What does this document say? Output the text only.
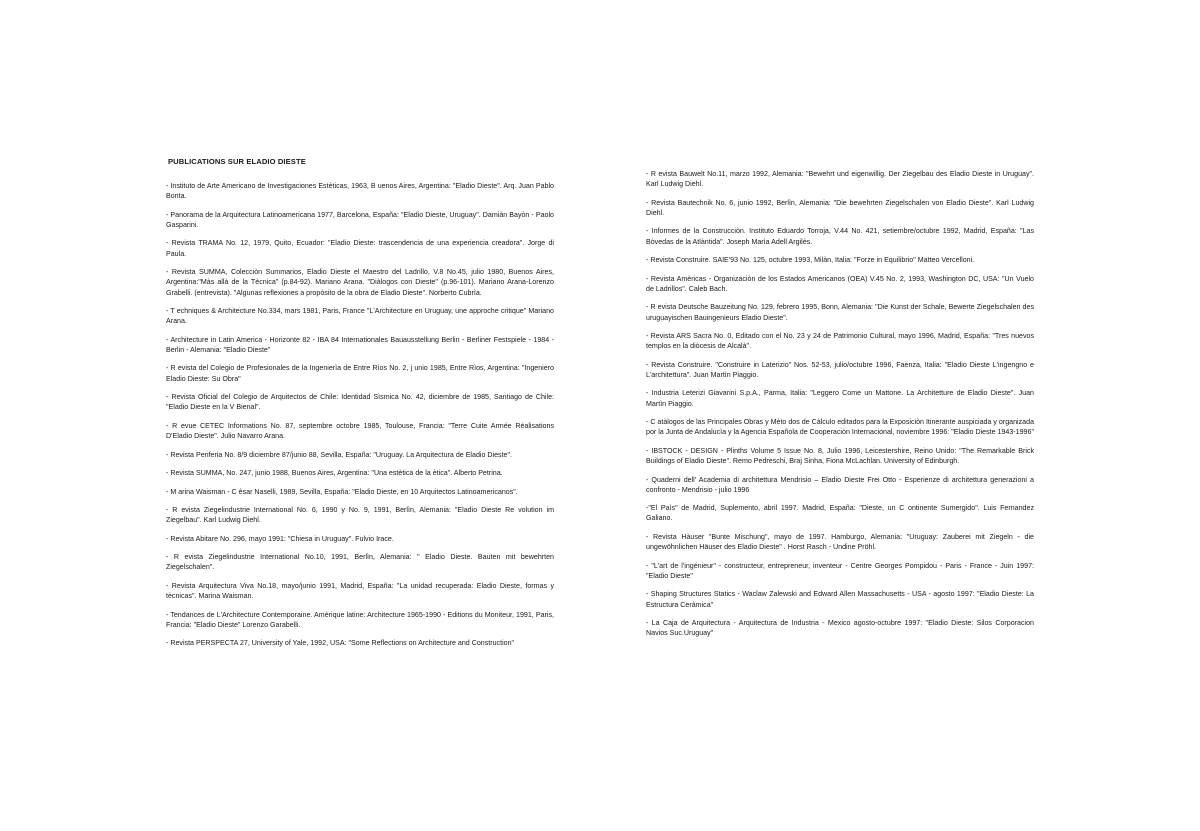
PUBLICATIONS SUR ELADIO DIESTE

- Instituto de Arte Americano de Investigaciones Estèticas, 1963, B uenos Aires, Argentina: "Eladio Dieste". Arq. Juan Pablo Bonta.

- Panorama de la Arquitectura Latinoamericana 1977, Barcelona, España: "Eladio Dieste, Uruguay". Damiàn Bayòn - Paolo Gasparini.

- Revista TRAMA No. 12, 1979, Quito, Ecuador: "Eladio Dieste: trascendencia de una experiencia creadora". Jorge di Paula.

- Revista SUMMA, Colecciòn Summarios, Eladio Dieste el Maestro del Ladrillo, V.8 No.45, julio 1980, Buenos Aires, Argentina:"Màs allà de la Tècnica" (p.84-92). Mariano Arana. "Diàlogos con Dieste" (p.96-101). Mariano Arana-Lorenzo Grabelli. (entrevista). "Algunas reflexiones a propòsito de la obra de Eladio Dieste". Norberto Cubrìa.

- T echniques & Architecture No.334, mars 1981, Paris, France "L'Architecture en Uruguay, une approche critique" Mariano Arana.

- Architecture in Latin America - Horizonte 82 - IBA 84 Internationales Bauausstellung Berlin - Berliner Festspiele - 1984 - Berlin - Alemania: "Eladio Dieste"

- R evista del Colegio de Profesionales de la Ingenierìa de Entre Rìos No. 2, j unio 1985, Entre Rìos, Argentina: "Ingeniero Eladio Dieste: Su Obra"

- Revista Oficial del Colegio de Arquitectos de Chile: Identidad Sìsmica No. 42, diciembre de 1985, Santiago de Chile: "Eladio Dieste en la V Bienal".

- R evue CETEC Informations No. 87, septembre octobre 1985, Toulouse, Francia: "Terre Cuite Armée Réalisations D'Eladio Dieste". Julio Navarro Arana.

- Revista Periferia No. 8/9 diciembre 87/junio 88, Sevilla, España: "Uruguay. La Arquitectura de Eladio Dieste".

- Revista SUMMA, No. 247, junio 1988, Buenos Aires, Argentina: "Una estètica de la ètica". Alberto Petrina.

- M arina Waisman - C èsar Naselli, 1989, Sevilla, España: "Eladio Dieste, en 10 Arquitectos Latinoamericanos".

- R evista Ziegelindustrie International No. 6, 1990 y No. 9, 1991, Berlìn, Alemania: "Eladio Dieste Re volution im Ziegelbau". Karl Ludwig Diehl.

- Revista Abitare No. 296, mayo 1991: "Chiesa in Uruguay". Fulvio Irace.

- R evista Ziegelindustrie International No.10, 1991, Berlìn, Alemania: " Eladio Dieste. Bauten mit bewehrten Ziegelschalen".

- Revista Arquitectura Viva No.18, mayo/junio 1991, Madrid, España: "La unidad recuperada: Eladio Dieste, formas y tècnicas". Marina Waisman.

- Tendances de L'Architecture Contemporaine. Amèrique latine: Architecture 1965-1990 - Editions du Moniteur, 1991, Paris, Francia: "Eladio Dieste" Lorenzo Garabelli.

- Revista PERSPECTA 27, University of Yale, 1992, USA: "Some Reflections on Architecture and Construction"

- R evista Bauwelt No.11, marzo 1992, Alemania: "Bewehrt und eigenwillig. Der Ziegelbau des Eladio Dieste in Uruguay". Karl Ludwig Diehl.

- Revista Bautechnik No. 6, junio 1992, Berlìn, Alemania: "Die bewehrten Ziegelschalen von Eladio Dieste". Karl Ludwig Diehl.

- Informes de la Construcciòn. Instituto Eduardo Torroja, V.44 No. 421, setiembre/octubre 1992, Madrid, España: "Las Bòvedas de la Atlàntida". Joseph Marìa Adell Argilès.

- Revista Construire. SAIE'93 No. 125, octubre 1993, Milàn, Italia: "Forze in Equilibrio" Matteo Vercelloni.

- Revista Amèricas - Organizaciòn de los Estados Americanos (OEA) V.45 No. 2, 1993, Washington DC, USA: "Un Vuelo de Ladrillos". Caleb Bach.

- R evista Deutsche Bauzeitung No. 129, febrero 1995, Bonn, Alemania: "Die Kunst der Schale, Bewerte Ziegelschalen des uruguayischen Bauingenieurs Eladio Dieste".

- Revista ARS Sacra No. 0, Editado con el No. 23 y 24 de Patrimonio Cultural, mayo 1996, Madrid, España: "Tres nuevos templos en la diòcesis de Alcalà".

- Revista Construire. "Construire in Laterizio" Nos. 52-53, julio/octubre 1996, Faenza, Italia: "Eladio Dieste L'ingengno e L'architettura". Juan Martìn Piaggio.

- Industria Leterizi Giavarini S.p.A., Parma, Italia: "Leggero Come un Mattone. La Architetture de Eladio Dieste". Juan Martìn Piaggio.

- C atàlogos de las Principales Obras y Mèto dos de Càlculo editados para la Exposiciòn Itinerante auspiciada y organizada por la Junta de Andalucìa y la Agencia Española de Cooperaciòn Internacional, noviembre 1996: "Eladio Dieste 1943-1996"

- IBSTOCK - DESIGN - Plinths Volume 5 Issue No. 8, Julio 1996, Leicestershire, Reino Unido: "The Remarkable Brick Buildings of Eladio Dieste". Remo Pedreschi, Braj Sinha, Fiona McLachlan. University of Edinburgh.

- Quaderni dell' Academia di architettura Mendrisio – Eladio Dieste Frei Otto - Esperienze di architettura generazioni a confronto - Mendrisio - julio 1996

-"El Paìs" de Madrid, Suplemento, abril 1997. Madrid, España: "Dieste, un C ontinente Sumergido". Luis Fernandez Galiano.

- Revista Hàuser "Bunte Mischung", mayo de 1997. Hamburgo, Alemania: "Uruguay: Zauberei mit Ziegeln - die ungewöhnlichen Häuser des Eladio Dieste" . Horst Rasch - Undine Pröhl.

- "L'art de l'ingénieur" - constructeur, entrepreneur, inventeur - Centre Georges Pompidou - Paris - France - Juin 1997: "Eladio Dieste"

- Shaping Structures Statics - Waclaw Zalewski and Edward Allen Massachusetts - USA - agosto 1997: "Eladio Dieste: La Estructura Ceràmica"

- La Caja de Arquitectura - Arquitectura de Industria - Mexico agosto-octubre 1997: "Eladio Dieste: Silos Corporacion Navios Suc.Uruguay"
